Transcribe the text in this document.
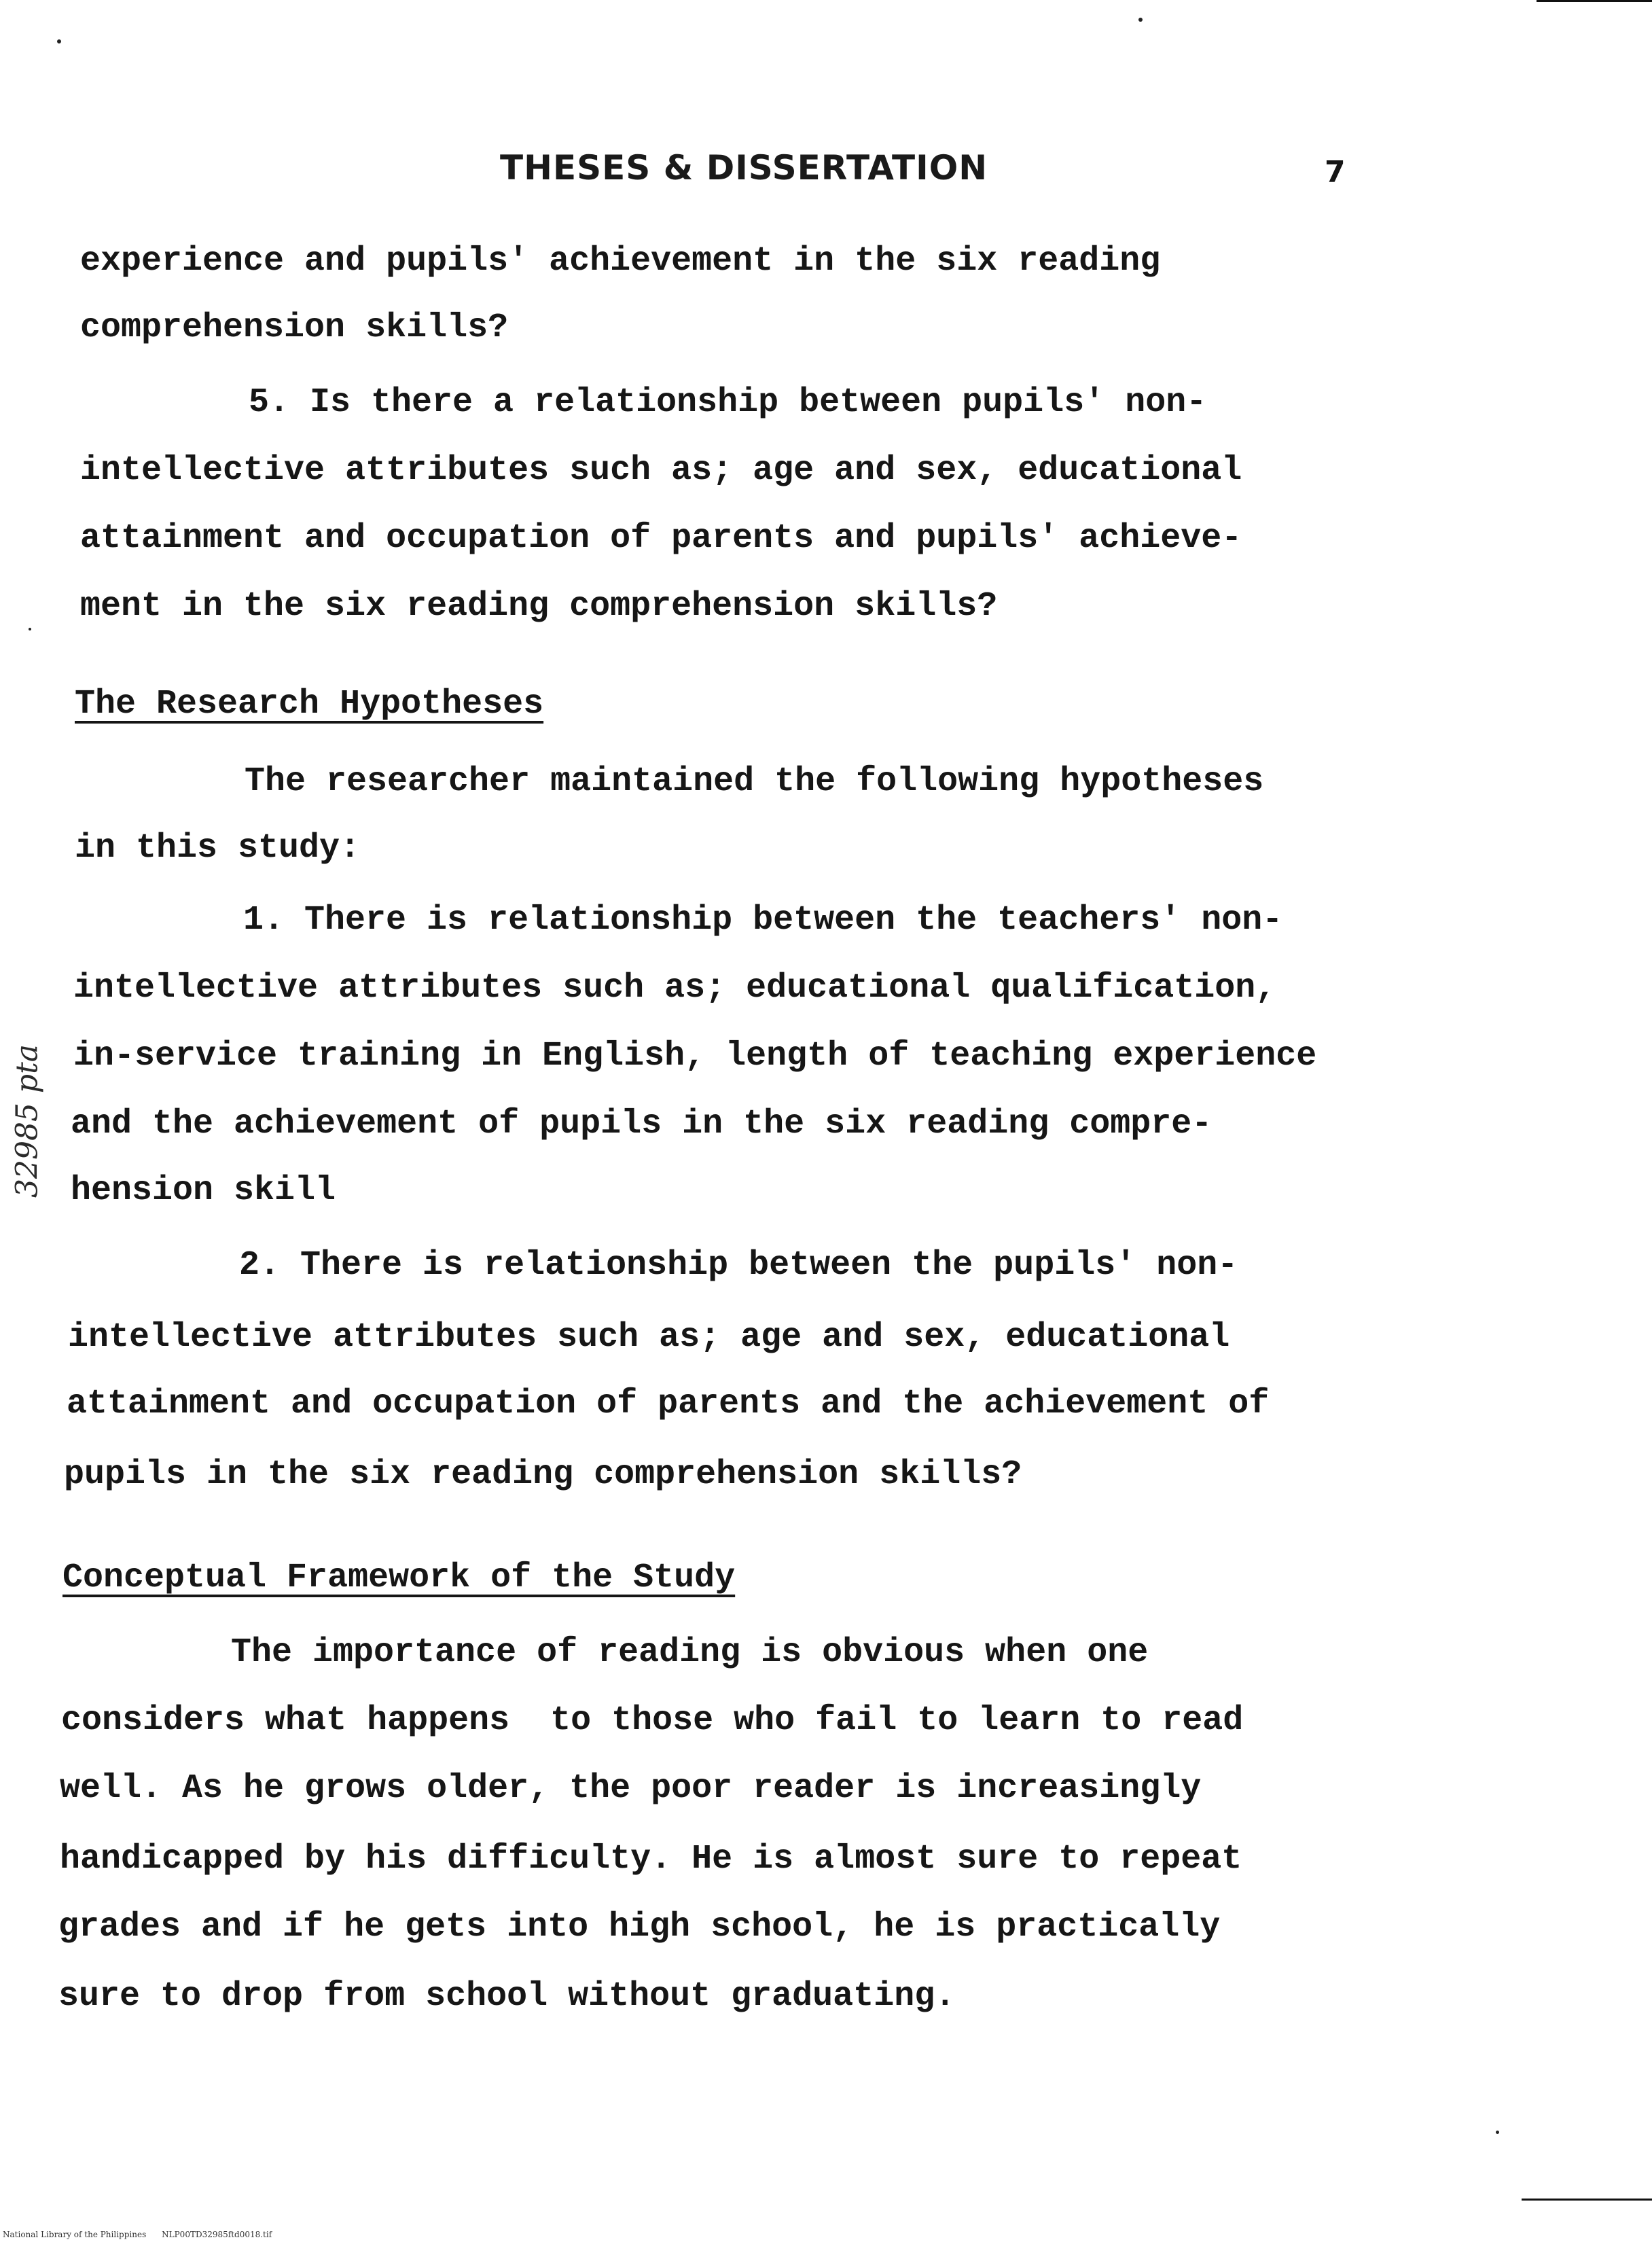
THESES & DISSERTATION	7
experience and pupils' achievement in the six reading
comprehension skills?
5. Is there a relationship between pupils' non-
intellective attributes such as; age and sex, educational
attainment and occupation of parents and pupils' achieve-
ment in the six reading comprehension skills?
The Research Hypotheses
The researcher maintained the following hypotheses
in this study:
1. There is relationship between the teachers' non-
intellective attributes such as; educational qualification,
in-service training in English, length of teaching experience
and the achievement of pupils in the six reading compre-
hension skill
2. There is relationship between the pupils' non-
intellective attributes such as; age and sex, educational
attainment and occupation of parents and the achievement of
pupils in the six reading comprehension skills?
Conceptual Framework of the Study
The importance of reading is obvious when one
considers what happens  to those who fail to learn to read
well. As he grows older, the poor reader is increasingly
handicapped by his difficulty. He is almost sure to repeat
grades and if he gets into high school, he is practically
sure to drop from school without graduating.
32985 pta
National Library of the Philippines NLP00TD32985ftd0018.tif
